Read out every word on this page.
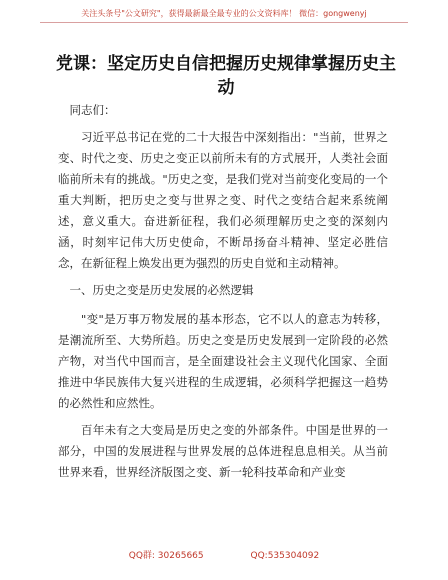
关注头条号"公文研究"，获得最新最全最专业的公文资料库！ 微信：gongwenyj
党课：坚定历史自信把握历史规律掌握历史主动

同志们：

习近平总书记在党的二十大报告中深刻指出："当前，世界之变、时代之变、历史之变正以前所未有的方式展开，人类社会面临前所未有的挑战。"历史之变，是我们党对当前变化变局的一个重大判断，把历史之变与世界之变、时代之变结合起来系统阐述，意义重大。奋进新征程，我们必须理解历史之变的深刻内涵，时刻牢记伟大历史使命，不断昂扬奋斗精神、坚定必胜信念，在新征程上焕发出更为强烈的历史自觉和主动精神。

一、历史之变是历史发展的必然逻辑

"变"是万事万物发展的基本形态，它不以人的意志为转移，是潮流所至、大势所趋。历史之变是历史发展到一定阶段的必然产物，对当代中国而言，是全面建设社会主义现代化国家、全面推进中华民族伟大复兴进程的生成逻辑，必须科学把握这一趋势的必然性和应然性。

百年未有之大变局是历史之变的外部条件。中国是世界的一部分，中国的发展进程与世界发展的总体进程息息相关。从当前世界来看，世界经济版图之变、新一轮科技革命和产业变

QQ群: 30265665	QQ:535304092
